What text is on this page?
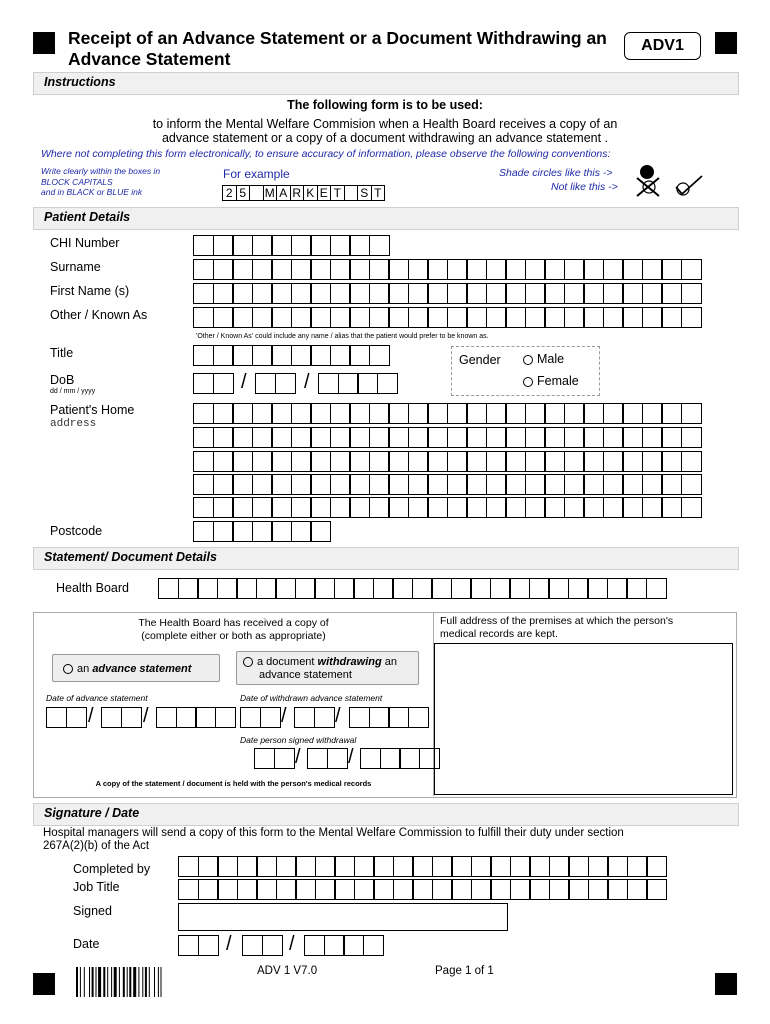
Receipt of an Advance Statement or a Document Withdrawing an Advance Statement
ADV1
Instructions
The following form is to be used:
to inform the Mental Welfare Commision when a Health Board receives a copy of an
advance statement or a copy of a document withdrawing an advance statement .
Where not completing this form electronically, to ensure accuracy of information, please observe the following conventions:
Write clearly within the boxes in
BLOCK CAPITALS
and in BLACK or BLUE ink
For example
2 5	M A R K E T S T
Shade circles like this ->
Not like this ->
Patient Details
CHI Number
Surname
First Name (s)
Other / Known As
'Other / Known As' could include any name / alias that the patient would prefer to be known as.
Title
DoB
dd / mm / yyyy	/	/
Gender	Male
Female
Patient's Home
address
Postcode
Statement/ Document Details
Health Board
The Health Board has received a copy of
(complete either or both as appropriate)
Full address of the premises at which the person's
medical records are kept.
an advance statement
a document withdrawing an
advance statement
Date of advance statement
/ /
Date of withdrawn advance statement
/ /
Date person signed withdrawal
/ /
A copy of the statement / document is held with the person's medical records
Signature / Date
Hospital managers will send a copy of this form to the Mental Welfare Commission to fulfill their duty under section
267A(2)(b) of the Act
Completed by
Job Title
Signed
Date	/	/
ADV 1 V7.0	Page 1 of 1
